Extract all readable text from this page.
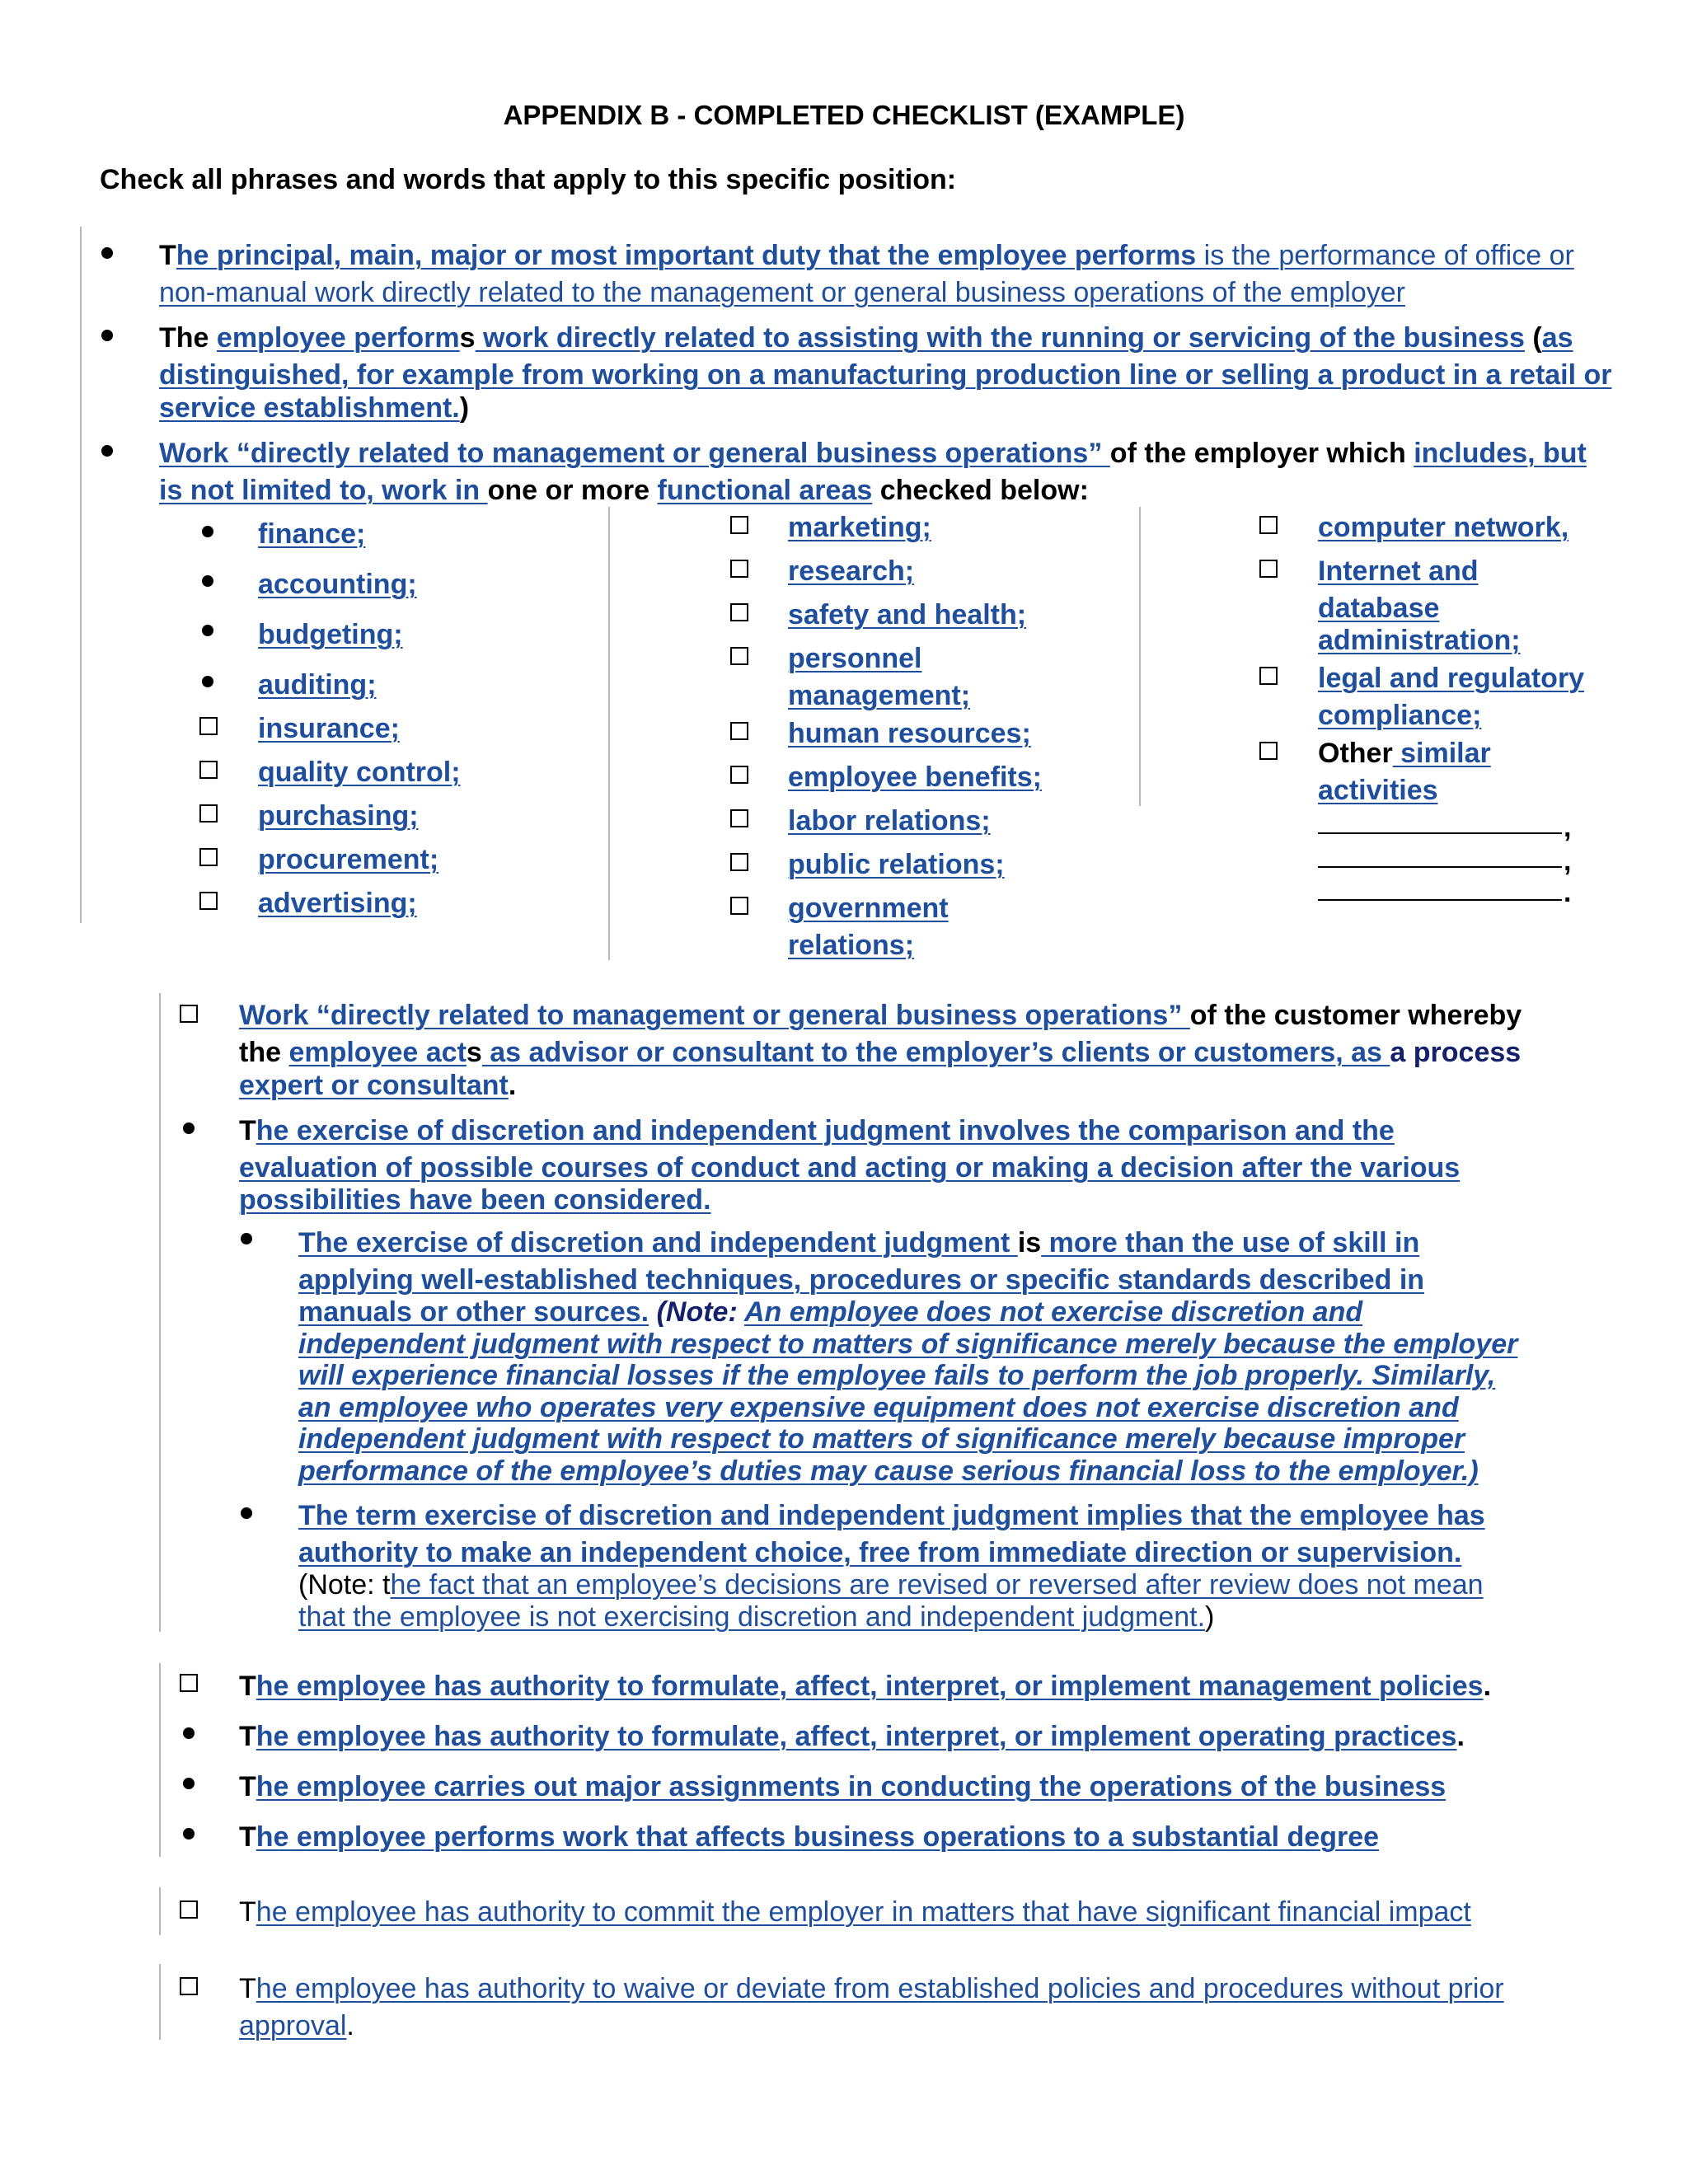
APPENDIX B - COMPLETED CHECKLIST (EXAMPLE)
Check all phrases and words that apply to this specific position:
The principal, main, major or most important duty that the employee performs is the performance of office or
non-manual work directly related to the management or general business operations of the employer
The employee performs work directly related to assisting with the running or servicing of the business (as
distinguished, for example from working on a manufacturing production line or selling a product in a retail or
service establishment.)
Work “directly related to management or general business operations” of the employer which includes, but
is not limited to, work in one or more functional areas checked below:
finance;
accounting;
budgeting;
auditing;
insurance;
quality control;
purchasing;
procurement;
advertising;
marketing;
research;
safety and health;
personnel
management;
human resources;
employee benefits;
labor relations;
public relations;
government
relations;
computer network,
Internet and
database
administration;
legal and regulatory
compliance;
Other similar
activities
,
,
.
Work “directly related to management or general business operations” of the customer whereby
the employee acts as advisor or consultant to the employer’s clients or customers, as a process
expert or consultant.
The exercise of discretion and independent judgment involves the comparison and the
evaluation of possible courses of conduct and acting or making a decision after the various
possibilities have been considered.
The exercise of discretion and independent judgment is more than the use of skill in
applying well-established techniques, procedures or specific standards described in
manuals or other sources. (Note: An employee does not exercise discretion and
independent judgment with respect to matters of significance merely because the employer
will experience financial losses if the employee fails to perform the job properly. Similarly,
an employee who operates very expensive equipment does not exercise discretion and
independent judgment with respect to matters of significance merely because improper
performance of the employee’s duties may cause serious financial loss to the employer.)
The term exercise of discretion and independent judgment implies that the employee has
authority to make an independent choice, free from immediate direction or supervision.
(Note: the fact that an employee’s decisions are revised or reversed after review does not mean
that the employee is not exercising discretion and independent judgment.)
The employee has authority to formulate, affect, interpret, or implement management policies.
The employee has authority to formulate, affect, interpret, or implement operating practices.
The employee carries out major assignments in conducting the operations of the business
The employee performs work that affects business operations to a substantial degree
The employee has authority to commit the employer in matters that have significant financial impact
The employee has authority to waive or deviate from established policies and procedures without prior
approval.
